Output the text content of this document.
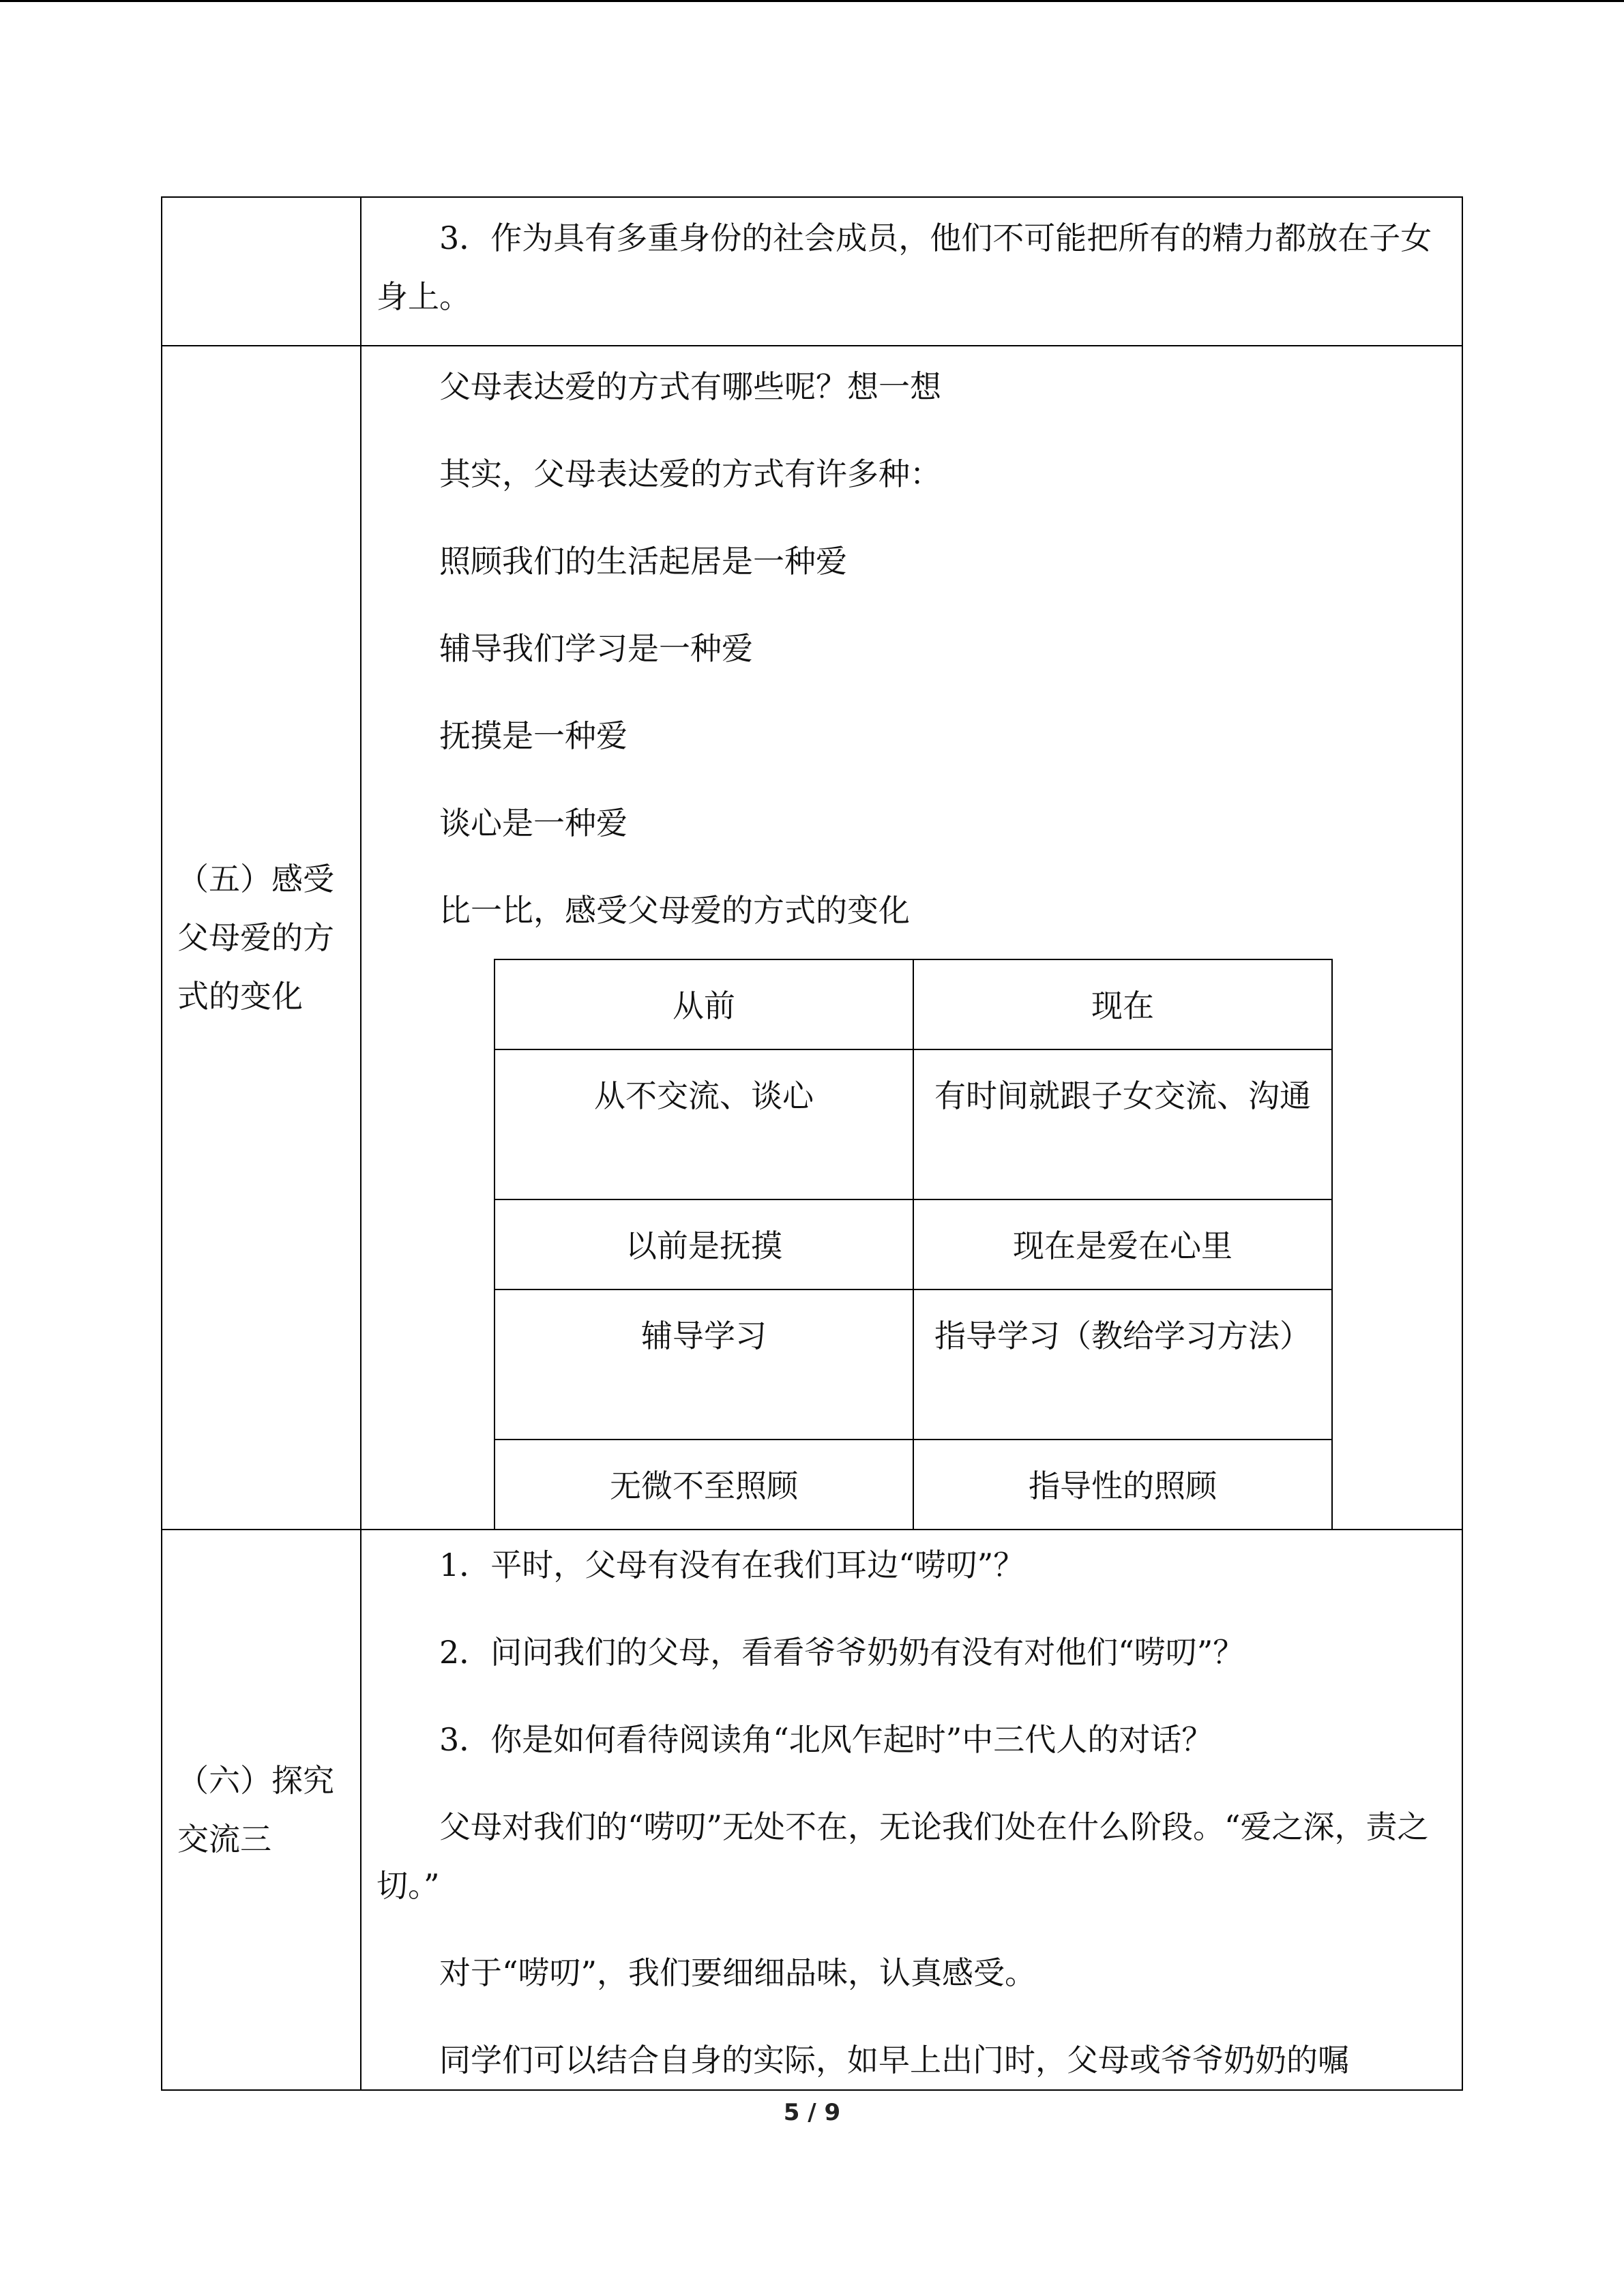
3．作为具有多重身份的社会成员，他们不可能把所有的精力都放在子女身上。

（五）感受父母爱的方式的变化	

父母表达爱的方式有哪些呢？想一想

其实，父母表达爱的方式有许多种：

照顾我们的生活起居是一种爱

辅导我们学习是一种爱

抚摸是一种爱

谈心是一种爱

比一比，感受父母爱的方式的变化

从前	现在
从不交流、谈心	有时间就跟子女交流、沟通
以前是抚摸	现在是爱在心里
辅导学习	指导学习（教给学习方法）
无微不至照顾	指导性的照顾

（六）探究交流三	

1．平时，父母有没有在我们耳边“唠叨”？

2．问问我们的父母，看看爷爷奶奶有没有对他们“唠叨”？

3．你是如何看待阅读角“北风乍起时”中三代人的对话？

父母对我们的“唠叨”无处不在，无论我们处在什么阶段。“爱之深，责之切。”

对于“唠叨”，我们要细细品味，认真感受。

同学们可以结合自身的实际，如早上出门时，父母或爷爷奶奶的嘱

5 / 9
